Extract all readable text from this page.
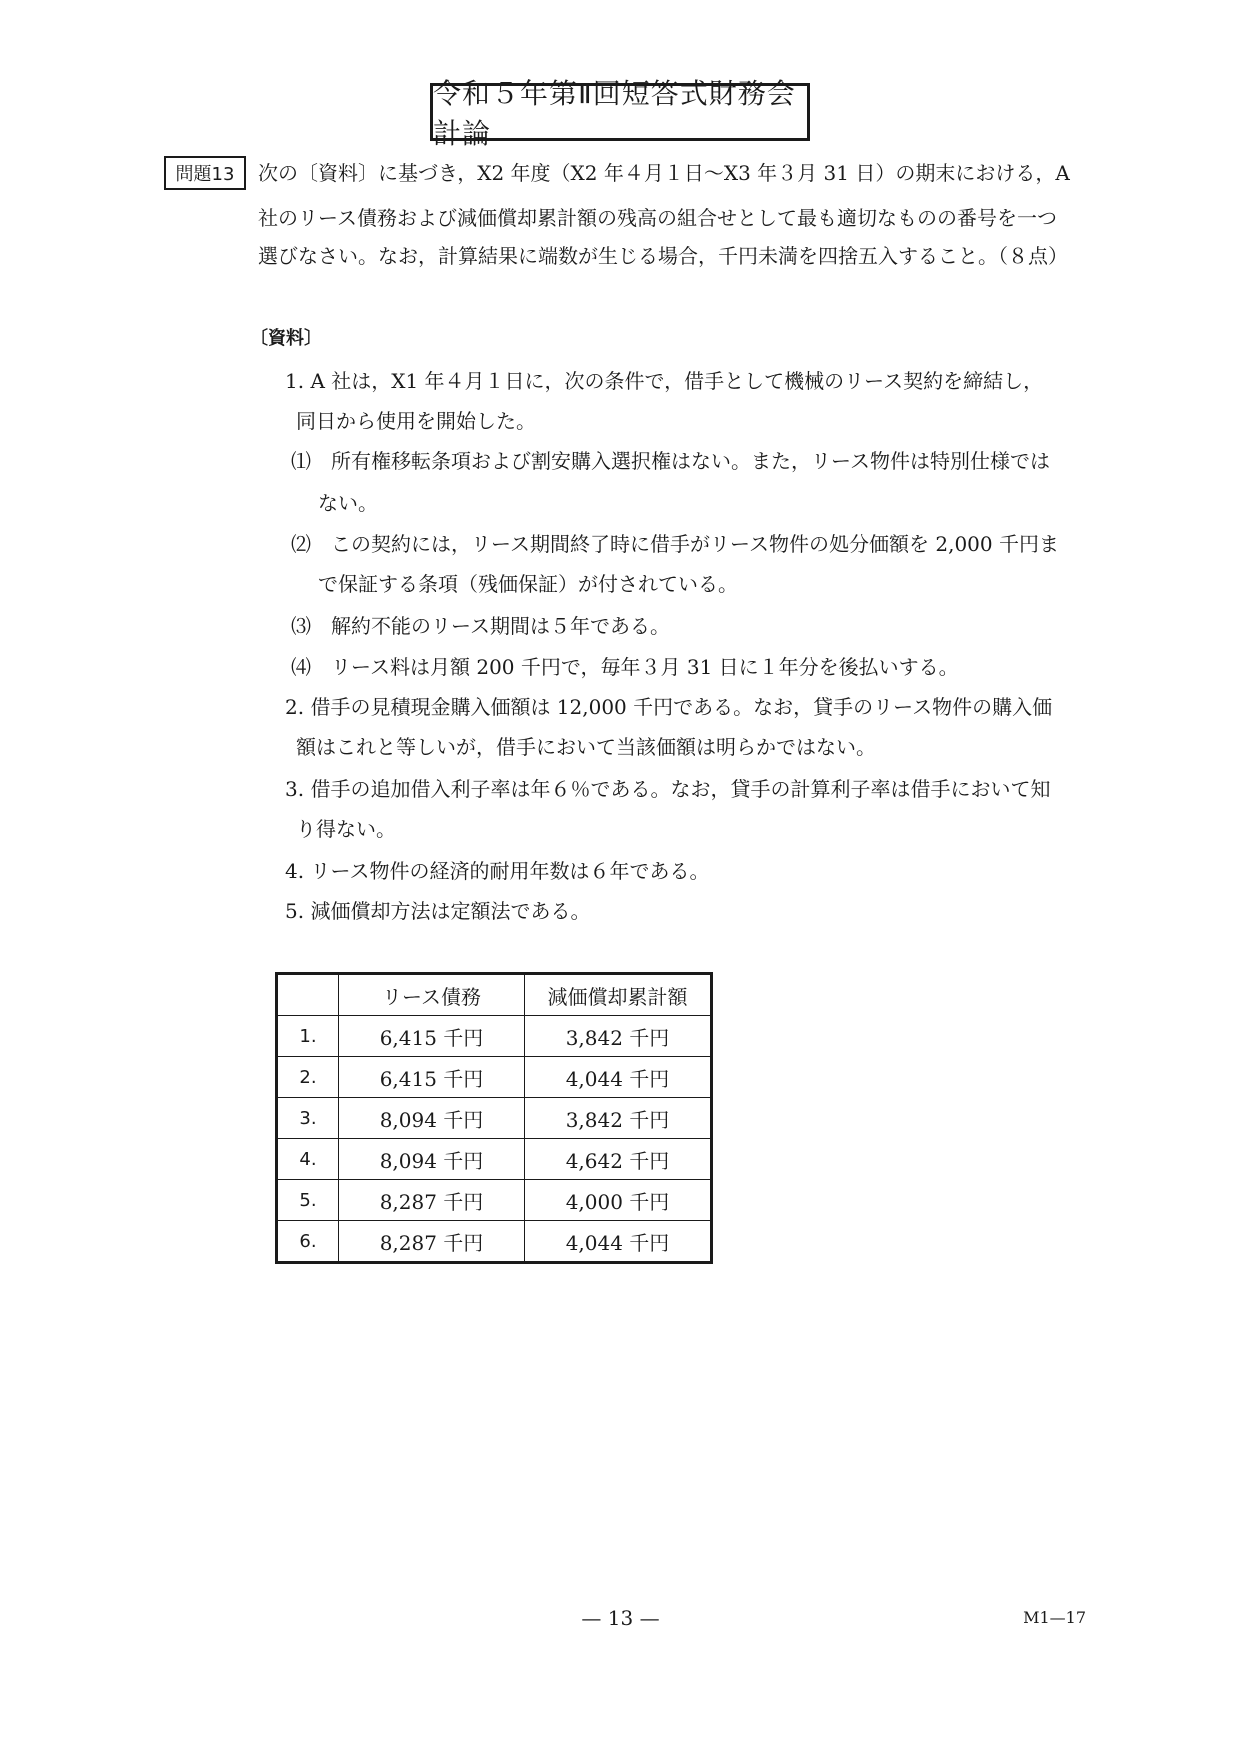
令和５年第Ⅱ回短答式財務会計論
問題13	次の〔資料〕に基づき，X2 年度（X2 年４月１日～X3 年３月 31 日）の期末における，A
社のリース債務および減価償却累計額の残高の組合せとして最も適切なものの番号を一つ
選びなさい。なお，計算結果に端数が生じる場合，千円未満を四捨五入すること。（８点）
〔資料〕
1. A 社は，X1 年４月１日に，次の条件で，借手として機械のリース契約を締結し，
同日から使用を開始した。
⑴　所有権移転条項および割安購入選択権はない。また，リース物件は特別仕様では
ない。
⑵　この契約には，リース期間終了時に借手がリース物件の処分価額を 2,000 千円ま
で保証する条項（残価保証）が付されている。
⑶　解約不能のリース期間は５年である。
⑷　リース料は月額 200 千円で，毎年３月 31 日に１年分を後払いする。
2. 借手の見積現金購入価額は 12,000 千円である。なお，貸手のリース物件の購入価
額はこれと等しいが，借手において当該価額は明らかではない。
3. 借手の追加借入利子率は年６％である。なお，貸手の計算利子率は借手において知
り得ない。
4. リース物件の経済的耐用年数は６年である。
5. 減価償却方法は定額法である。
	リース債務	減価償却累計額
1.	6,415 千円	3,842 千円
2.	6,415 千円	4,044 千円
3.	8,094 千円	3,842 千円
4.	8,094 千円	4,642 千円
5.	8,287 千円	4,000 千円
6.	8,287 千円	4,044 千円
— 13 —	M1—17
